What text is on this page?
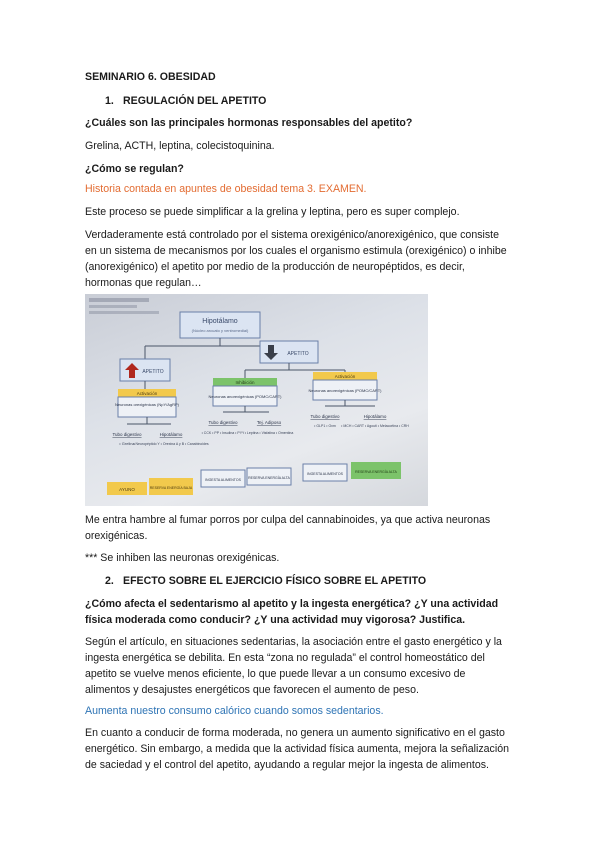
SEMINARIO 6. OBESIDAD
1. REGULACIÓN DEL APETITO
¿Cuáles son las principales hormonas responsables del apetito?
Grelina, ACTH, leptina, colecistoquinina.
¿Cómo se regulan?
Historia contada en apuntes de obesidad tema 3. EXAMEN.
Este proceso se puede simplificar a la grelina y leptina, pero es super complejo.
Verdaderamente está controlado por el sistema orexigénico/anorexigénico, que consiste
en un sistema de mecanismos por los cuales el organismo estimula (orexigénico) o inhibe
(anorexigénico) el apetito por medio de la producción de neuropéptidos, es decir,
hormonas que regulan…
Hipotálamo
(Núcleo arcuato y ventromedial)
APETITO
APETITO
Activación
Neuronas orexigénicas (NpY/AgRP)
Inhibición
Neuronas anorexigénicas (POMC/CART)
Activación
Neuronas anorexigénicas (POMC/CART)
Tubo digestivo
• Grelina
Hipotálamo
• Neuropéptido Y • Orexina A y B • Canabinoides
Tubo digestivo
• CCK • PP • Insulina • PYY
Tej. Adiposo
• Leptina • Visfatina • Omentina
Tubo digestivo
• GLP1 • Oxm
Hipotálamo
• MCH • CART • Agouti • Melacortina • CRH
AYUNO	RESERVA ENERGÍA BAJA
INGESTA ALIMENTOS RESERVA ENERGÍA ALTA
INGESTA ALIMENTOS	RESERVA ENERGÍA ALTA
Me entra hambre al fumar porros por culpa del cannabinoides, ya que activa neuronas
orexigénicas.
*** Se inhiben las neuronas orexigénicas.
2. EFECTO SOBRE EL EJERCICIO FÍSICO SOBRE EL APETITO
¿Cómo afecta el sedentarismo al apetito y la ingesta energética? ¿Y una actividad
física moderada como conducir? ¿Y una actividad muy vigorosa? Justifica.
Según el artículo, en situaciones sedentarias, la asociación entre el gasto energético y la
ingesta energética se debilita. En esta “zona no regulada” el control homeostático del
apetito se vuelve menos eficiente, lo que puede llevar a un consumo excesivo de
alimentos y desajustes energéticos que favorecen el aumento de peso.
Aumenta nuestro consumo calórico cuando somos sedentarios.
En cuanto a conducir de forma moderada, no genera un aumento significativo en el gasto
energético. Sin embargo, a medida que la actividad física aumenta, mejora la señalización
de saciedad y el control del apetito, ayudando a regular mejor la ingesta de alimentos.
